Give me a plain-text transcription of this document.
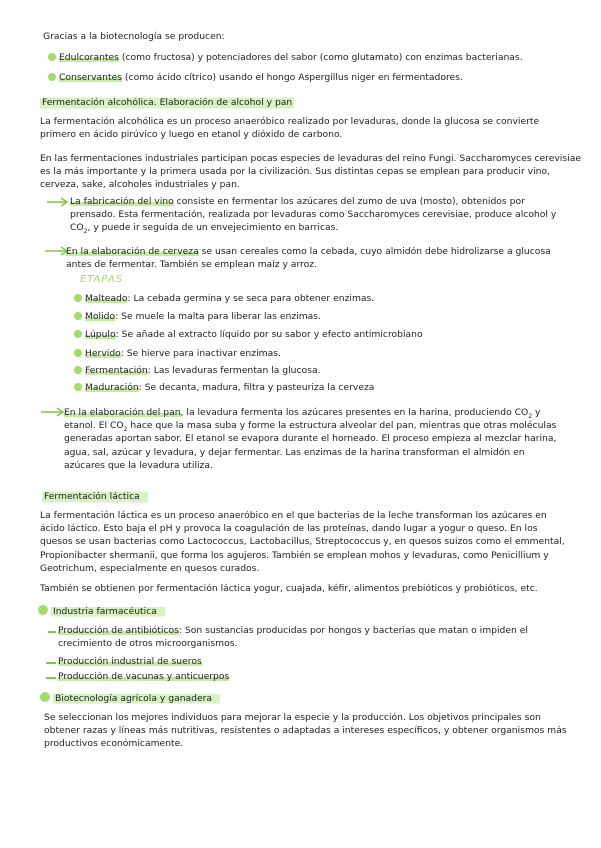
Gracias a la biotecnología se producen:
Edulcorantes (como fructosa) y potenciadores del sabor (como glutamato) con enzimas bacterianas.
Conservantes (como ácido cítrico) usando el hongo Aspergillus niger en fermentadores.
Fermentación alcohólica. Elaboración de alcohol y pan

La fermentación alcohólica es un proceso anaeróbico realizado por levaduras, donde la glucosa se convierte

primero en ácido pirúvico y luego en etanol y dióxido de carbono.

En las fermentaciones industriales participan pocas especies de levaduras del reino Fungi. Saccharomyces cerevisiae

es la más importante y la primera usada por la civilización. Sus distintas cepas se emplean para producir vino,

cerveza, sake, alcoholes industriales y pan.

La fabricación del vino consiste en fermentar los azúcares del zumo de uva (mosto), obtenidos por

prensado. Esta fermentación, realizada por levaduras como Saccharomyces cerevisiae, produce alcohol y

$CO_2$, y puede ir seguida de un envejecimiento en barricas.

En la elaboración de cerveza se usan cereales como la cebada, cuyo almidón debe hidrolizarse a glucosa

antes de fermentar. También se emplean maíz y arroz.

ETAPAS
Malteado: La cebada germina y se seca para obtener enzimas.
Molido: Se muele la malta para liberar las enzimas.
Lúpulo: Se añade al extracto líquido por su sabor y efecto antimicrobiano
Hervido: Se hierve para inactivar enzimas.
Fermentación: Las levaduras fermentan la glucosa.
Maduración: Se decanta, madura, filtra y pasteuriza la cerveza

En la elaboración del pan, la levadura fermenta los azúcares presentes en la harina, produciendo $CO_2$ y

etanol. El $CO_2$ hace que la masa suba y forme la estructura alveolar del pan, mientras que otras moléculas

generadas aportan sabor. El etanol se evapora durante el horneado. El proceso empieza al mezclar harina,

agua, sal, azúcar y levadura, y dejar fermentar. Las enzimas de la harina transforman el almidón en

azúcares que la levadura utiliza.

Fermentación láctica

La fermentación láctica es un proceso anaeróbico en el que bacterias de la leche transforman los azúcares en

ácido láctico. Esto baja el pH y provoca la coagulación de las proteínas, dando lugar a yogur o queso. En los

quesos se usan bacterias como Lactococcus, Lactobacillus, Streptococcus y, en quesos suizos como el emmental,

Propionibacter shermanii, que forma los agujeros. También se emplean mohos y levaduras, como Penicillium y

Geotrichum, especialmente en quesos curados.

También se obtienen por fermentación láctica yogur, cuajada, kéfir, alimentos prebióticos y probióticos, etc.
Industria farmacéutica

Producción de antibióticos: Son sustancias producidas por hongos y bacterias que matan o impiden el

crecimiento de otros microorganismos.

Producción industrial de sueros
Producción de vacunas y anticuerpos
Biotecnología agrícola y ganadera

Se seleccionan los mejores individuos para mejorar la especie y la producción. Los objetivos principales son

obtener razas y líneas más nutritivas, resistentes o adaptadas a intereses específicos, y obtener organismos más

productivos económicamente.
